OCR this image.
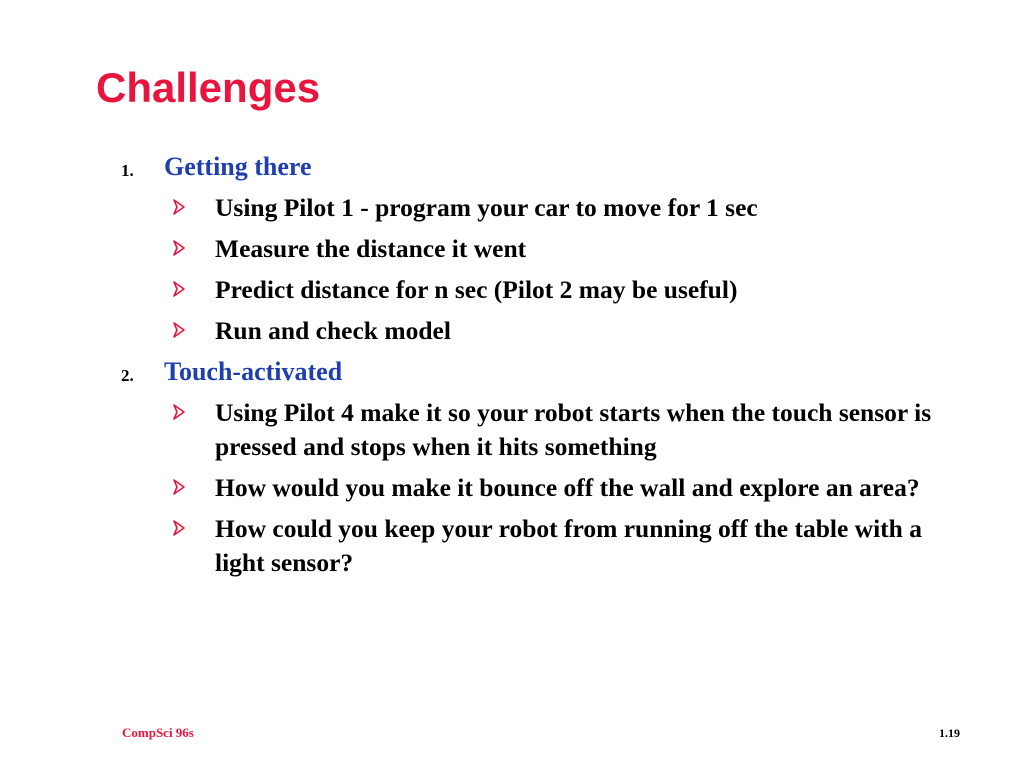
Challenges
1. Getting there
Using Pilot 1 - program your car to move for 1 sec
Measure the distance it went
Predict distance for n sec (Pilot 2 may be useful)
Run and check model
2. Touch-activated
Using Pilot 4 make it so your robot starts when the touch sensor is pressed and stops when it hits something
How would you make it bounce off the wall and explore an area?
How could you keep your robot from running off the table with a light sensor?
CompSci 96s	1.19
